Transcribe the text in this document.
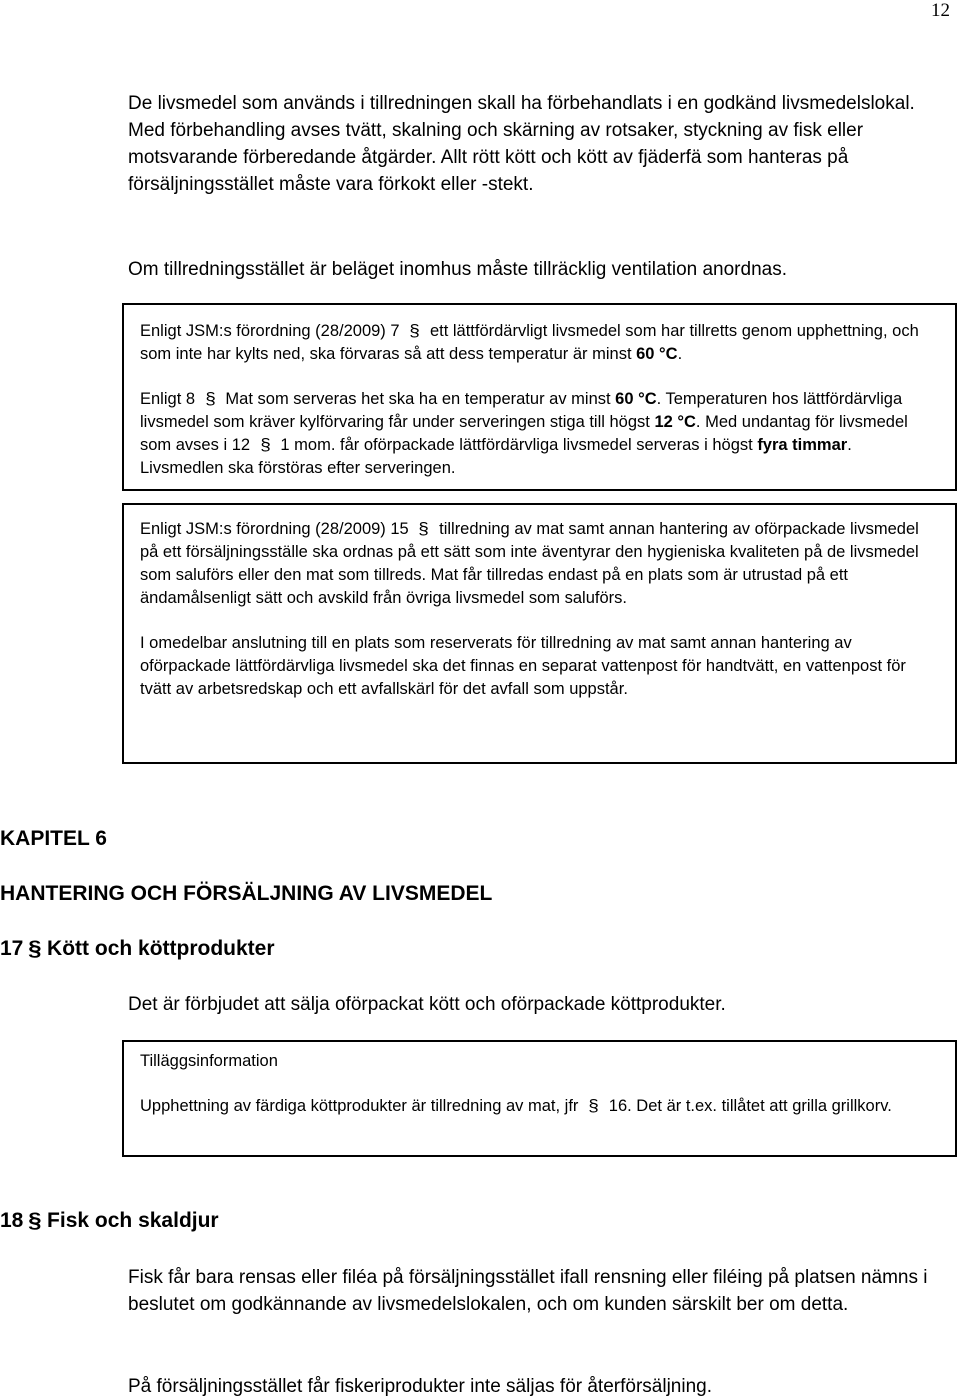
12

De livsmedel som används i tillredningen skall ha förbehandlats i en godkänd livsmedelslokal. Med förbehandling avses tvätt, skalning och skärning av rotsaker, styckning av fisk eller motsvarande förberedande åtgärder. Allt rött kött och kött av fjäderfä som hanteras på försäljningsstället måste vara förkokt eller -stekt.

Om tillredningsstället är beläget inomhus måste tillräcklig ventilation anordnas.

Enligt JSM:s förordning (28/2009) 7 § ett lättfördärvligt livsmedel som har tillretts genom upphettning, och som inte har kylts ned, ska förvaras så att dess temperatur är minst 60 °C.

Enligt 8 § Mat som serveras het ska ha en temperatur av minst 60 °C. Temperaturen hos lättfördärvliga livsmedel som kräver kylförvaring får under serveringen stiga till högst 12 °C. Med undantag för livsmedel som avses i 12 § 1 mom. får oförpackade lättfördärvliga livsmedel serveras i högst fyra timmar. Livsmedlen ska förstöras efter serveringen.

Enligt JSM:s förordning (28/2009) 15 § tillredning av mat samt annan hantering av oförpackade livsmedel på ett försäljningsställe ska ordnas på ett sätt som inte äventyrar den hygieniska kvaliteten på de livsmedel som saluförs eller den mat som tillreds. Mat får tillredas endast på en plats som är utrustad på ett ändamålsenligt sätt och avskild från övriga livsmedel som saluförs.

I omedelbar anslutning till en plats som reserverats för tillredning av mat samt annan hantering av oförpackade lättfördärvliga livsmedel ska det finnas en separat vattenpost för handtvätt, en vattenpost för tvätt av arbetsredskap och ett avfallskärl för det avfall som uppstår.

KAPITEL 6
HANTERING OCH FÖRSÄLJNING AV LIVSMEDEL
17 § Kött och köttprodukter

Det är förbjudet att sälja oförpackat kött och oförpackade köttprodukter.

Tilläggsinformation

Upphettning av färdiga köttprodukter är tillredning av mat, jfr § 16. Det är t.ex. tillåtet att grilla grillkorv.

18 § Fisk och skaldjur

Fisk får bara rensas eller filéa på försäljningsstället ifall rensning eller filéing på platsen nämns i beslutet om godkännande av livsmedelslokalen, och om kunden särskilt ber om detta.

På försäljningsstället får fiskeriprodukter inte säljas för återförsäljning.
